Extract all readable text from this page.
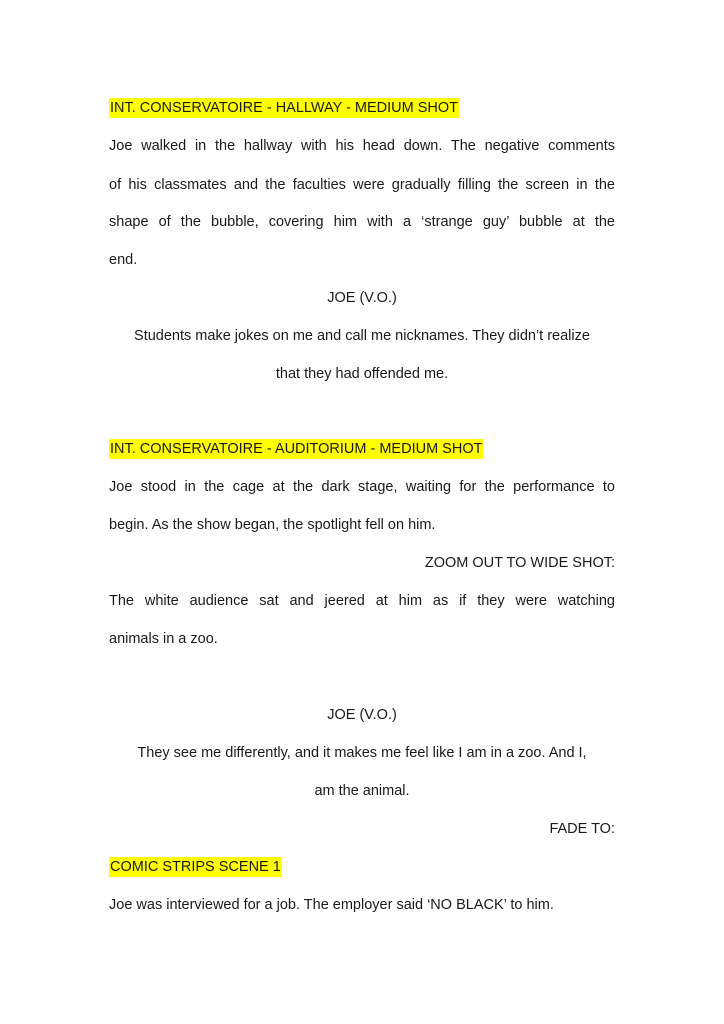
INT. CONSERVATOIRE - HALLWAY - MEDIUM SHOT
Joe walked in the hallway with his head down. The negative comments
of his classmates and the faculties were gradually filling the screen in the
shape of the bubble, covering him with a ‘strange guy’ bubble at the
end.
JOE (V.O.)
Students make jokes on me and call me nicknames. They didn’t realize
that they had offended me.
INT. CONSERVATOIRE - AUDITORIUM - MEDIUM SHOT
Joe stood in the cage at the dark stage, waiting for the performance to
begin. As the show began, the spotlight fell on him.
ZOOM OUT TO WIDE SHOT:
The white audience sat and jeered at him as if they were watching
animals in a zoo.
JOE (V.O.)
They see me differently, and it makes me feel like I am in a zoo. And I,
am the animal.
FADE TO:
COMIC STRIPS SCENE 1
Joe was interviewed for a job. The employer said ‘NO BLACK’ to him.
